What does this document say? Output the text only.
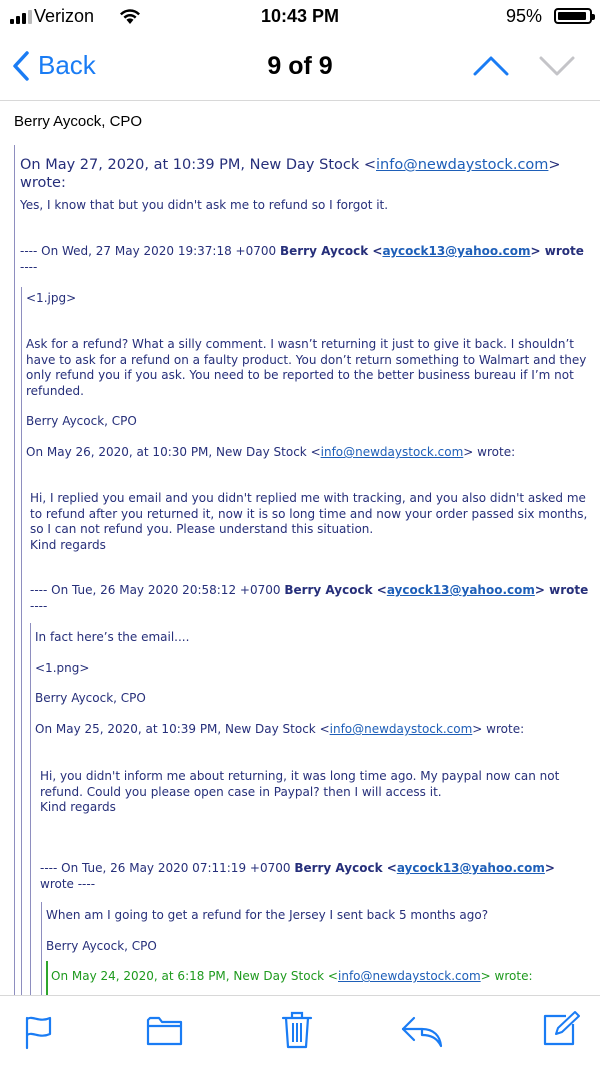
Verizon	10:43 PM	95%
Back	9 of 9
Berry Aycock, CPO
On May 27, 2020, at 10:39 PM, New Day Stock <info@newdaystock.com> wrote:
Yes, I know that but you didn't ask me to refund so I forgot it.
---- On Wed, 27 May 2020 19:37:18 +0700 Berry Aycock <aycock13@yahoo.com> wrote
----
<1.jpg>
Ask for a refund? What a silly comment. I wasn’t returning it just to give it back. I shouldn’t
have to ask for a refund on a faulty product. You don’t return something to Walmart and they
only refund you if you ask. You need to be reported to the better business bureau if I’m not
refunded.
Berry Aycock, CPO
On May 26, 2020, at 10:30 PM, New Day Stock <info@newdaystock.com> wrote:
Hi, I replied you email and you didn't replied me with tracking, and you also didn't asked me
to refund after you returned it, now it is so long time and now your order passed six months,
so I can not refund you. Please understand this situation.
Kind regards
---- On Tue, 26 May 2020 20:58:12 +0700 Berry Aycock <aycock13@yahoo.com> wrote
----
In fact here’s the email....
<1.png>
Berry Aycock, CPO
On May 25, 2020, at 10:39 PM, New Day Stock <info@newdaystock.com> wrote:
Hi, you didn't inform me about returning, it was long time ago. My paypal now can not
refund. Could you please open case in Paypal? then I will access it.
Kind regards
---- On Tue, 26 May 2020 07:11:19 +0700 Berry Aycock <aycock13@yahoo.com>
wrote ----
When am I going to get a refund for the Jersey I sent back 5 months ago?
Berry Aycock, CPO
On May 24, 2020, at 6:18 PM, New Day Stock <info@newdaystock.com> wrote:
